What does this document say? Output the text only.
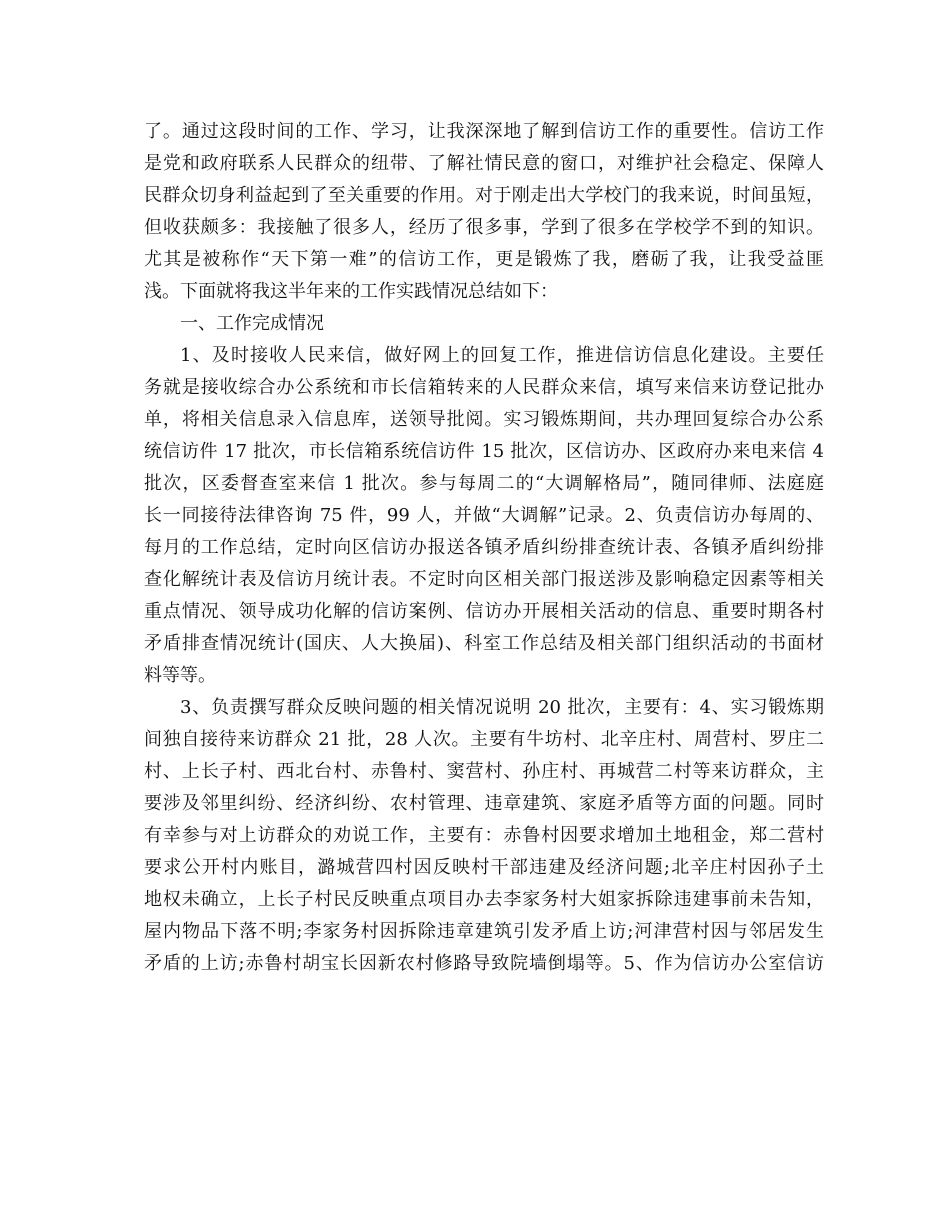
了。通过这段时间的工作、学习，让我深深地了解到信访工作的重要性。信访工作
是党和政府联系人民群众的纽带、了解社情民意的窗口，对维护社会稳定、保障人
民群众切身利益起到了至关重要的作用。对于刚走出大学校门的我来说，时间虽短，
但收获颇多：我接触了很多人，经历了很多事，学到了很多在学校学不到的知识。
尤其是被称作“天下第一难”的信访工作，更是锻炼了我，磨砺了我，让我受益匪
浅。下面就将我这半年来的工作实践情况总结如下：
一、工作完成情况
1、及时接收人民来信，做好网上的回复工作，推进信访信息化建设。主要任
务就是接收综合办公系统和市长信箱转来的人民群众来信，填写来信来访登记批办
单，将相关信息录入信息库，送领导批阅。实习锻炼期间，共办理回复综合办公系
统信访件 17 批次，市长信箱系统信访件 15 批次，区信访办、区政府办来电来信 4
批次，区委督查室来信 1 批次。参与每周二的“大调解格局”，随同律师、法庭庭
长一同接待法律咨询 75 件，99 人，并做“大调解”记录。2、负责信访办每周的、
每月的工作总结，定时向区信访办报送各镇矛盾纠纷排查统计表、各镇矛盾纠纷排
查化解统计表及信访月统计表。不定时向区相关部门报送涉及影响稳定因素等相关
重点情况、领导成功化解的信访案例、信访办开展相关活动的信息、重要时期各村
矛盾排查情况统计(国庆、人大换届)、科室工作总结及相关部门组织活动的书面材
料等等。
3、负责撰写群众反映问题的相关情况说明 20 批次，主要有：4、实习锻炼期
间独自接待来访群众 21 批，28 人次。主要有牛坊村、北辛庄村、周营村、罗庄二
村、上长子村、西北台村、赤鲁村、窦营村、孙庄村、再城营二村等来访群众，主
要涉及邻里纠纷、经济纠纷、农村管理、违章建筑、家庭矛盾等方面的问题。同时
有幸参与对上访群众的劝说工作，主要有：赤鲁村因要求增加土地租金，郑二营村
要求公开村内账目，潞城营四村因反映村干部违建及经济问题;北辛庄村因孙子土
地权未确立，上长子村民反映重点项目办去李家务村大姐家拆除违建事前未告知，
屋内物品下落不明;李家务村因拆除违章建筑引发矛盾上访;河津营村因与邻居发生
矛盾的上访;赤鲁村胡宝长因新农村修路导致院墙倒塌等。5、作为信访办公室信访
